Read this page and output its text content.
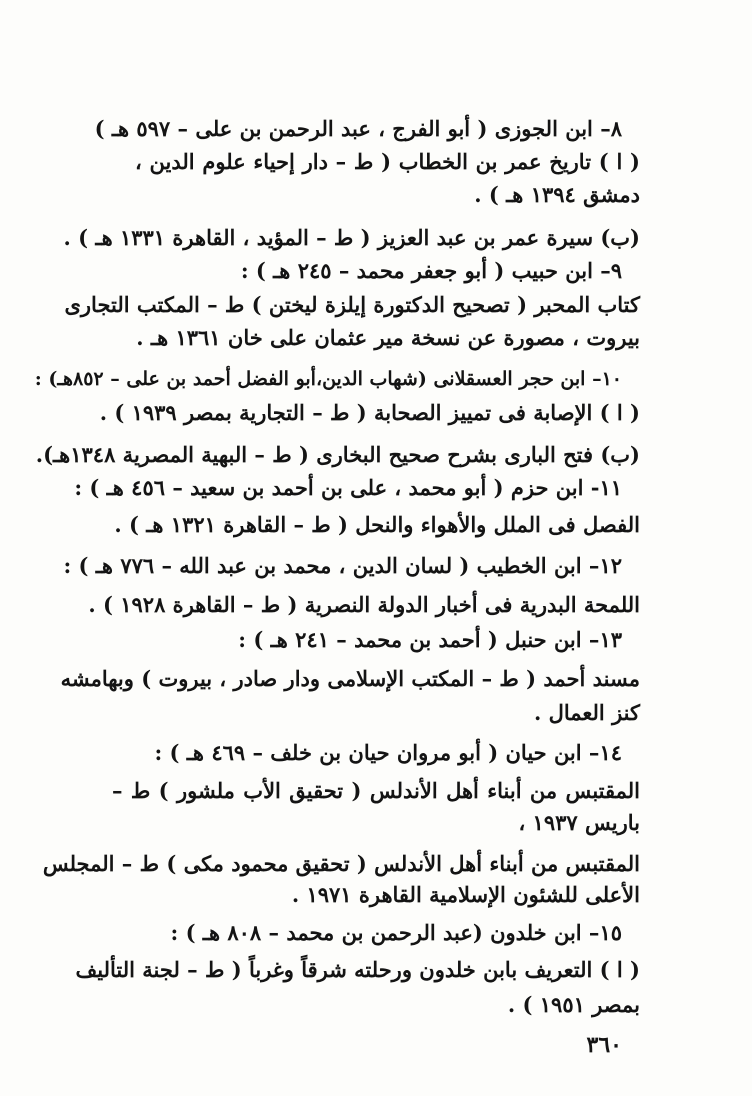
٨– ابن الجوزى ( أبو الفرج ، عبد الرحمن بن على – ٥٩٧ هـ )
( ا ) تاريخ عمر بن الخطاب ( ط – دار إحياء علوم الدين ،
دمشق ١٣٩٤ هـ ) .
(ب) سيرة عمر بن عبد العزيز ( ط – المؤيد ، القاهرة ١٣٣١ هـ ) .
٩– ابن حبيب ( أبو جعفر محمد – ٢٤٥ هـ ) :
كتاب المحبر ( تصحيح الدكتورة إيلزة ليختن ) ط – المكتب التجارى
بيروت ، مصورة عن نسخة مير عثمان على خان ١٣٦١ هـ .
١٠– ابن حجر العسقلانى (شهاب الدين،أبو الفضل أحمد بن على – ٨٥٢هـ) :
( ا ) الإصابة فى تمييز الصحابة ( ط – التجارية بمصر ١٩٣٩ ) .
(ب) فتح البارى بشرح صحيح البخارى ( ط – البهية المصرية ١٣٤٨هـ).
١١- ابن حزم ( أبو محمد ، على بن أحمد بن سعيد – ٤٥٦ هـ ) :
الفصل فى الملل والأهواء والنحل ( ط – القاهرة ١٣٢١ هـ ) .
١٢– ابن الخطيب ( لسان الدين ، محمد بن عبد الله – ٧٧٦ هـ ) :
اللمحة البدرية فى أخبار الدولة النصرية ( ط – القاهرة ١٩٢٨ ) .
١٣– ابن حنبل ( أحمد بن محمد – ٢٤١ هـ ) :
مسند أحمد ( ط – المكتب الإسلامى ودار صادر ، بيروت ) وبهامشه
كنز العمال .
١٤– ابن حيان ( أبو مروان حيان بن خلف – ٤٦٩ هـ ) :
المقتبس من أبناء أهل الأندلس ( تحقيق الأب ملشور ) ط –
باريس ١٩٣٧ ،
المقتبس من أبناء أهل الأندلس ( تحقيق محمود مكى ) ط – المجلس
الأعلى للشئون الإسلامية القاهرة ١٩٧١ .
١٥– ابن خلدون (عبد الرحمن بن محمد – ٨٠٨ هـ ) :
( ا ) التعريف بابن خلدون ورحلته شرقاً وغرباً ( ط – لجنة التأليف
بمصر ١٩٥١ ) .
٣٦٠
